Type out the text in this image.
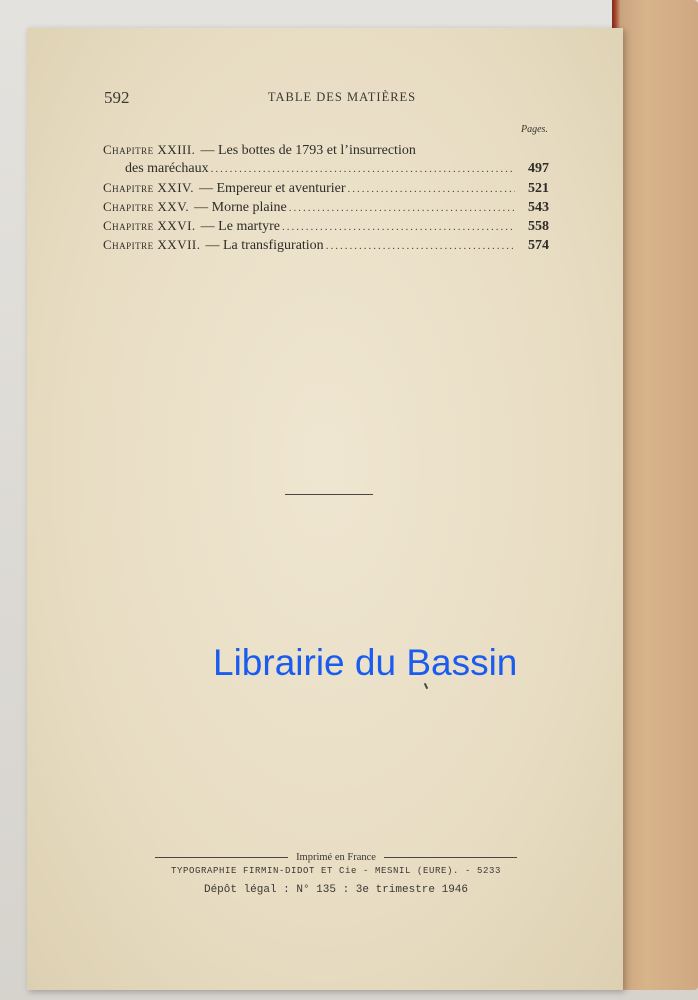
592	TABLE DES MATIÈRES
Pages.
Chapitre XXIII. — Les bottes de 1793 et l’insurrection
des maréchaux .....	497
Chapitre XXIV. — Empereur et aventurier .....	521
Chapitre XXV. — Morne plaine .....	543
Chapitre XXVI. — Le martyre .....	558
Chapitre XXVII. — La transfiguration .....	574
Librairie du Bassin
Imprimé en France
TYPOGRAPHIE FIRMIN-DIDOT ET Cie - MESNIL (EURE). - 5233
Dépôt légal : N° 135 : 3e trimestre 1946
